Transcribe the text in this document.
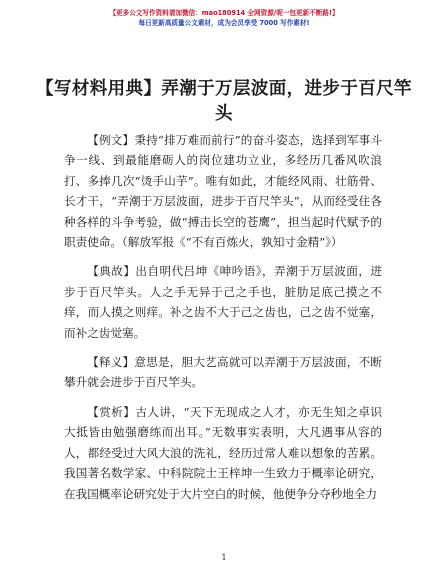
【更多公文写作资料请加微信：mao180914 全网资源/呢一包更新不断路!】
每日更新高质量公文素材，成为会员享受 7000 写作素材!
【写材料用典】弄潮于万层波面，进步于百尺竿头

【例文】秉持“排万难而前行”的奋斗姿态，选择到军事斗争一线、到最能磨砺人的岗位建功立业，多经历几番风吹浪打、多捧几次“烫手山芋”。唯有如此，才能经风雨、壮筋骨、长才干，“弄潮于万层波面，进步于百尺竿头”，从而经受住各种各样的斗争考验，做“搏击长空的苍鹰”，担当起时代赋予的职责使命。（解放军报《“不有百炼火，孰知寸金精”》）

【典故】出自明代吕坤《呻吟语》，弄潮于万层波面，进步于百尺竿头。人之手无异于己之手也，脏肋足底己摸之不痒，而人摸之则痒。补之齿不大于己之齿也，己之齿不觉塞，而补之齿觉塞。

【释义】意思是，胆大艺高就可以弄潮于万层波面，不断攀升就会进步于百尺竿头。

【赏析】古人讲，“天下无现成之人才，亦无生知之卓识大抵皆由勉强磨练而出耳。”无数事实表明，大凡遇事从容的人，都经受过大风大浪的洗礼，经历过常人难以想象的苦累。我国著名数学家、中科院院士王梓坤一生致力于概率论研究，在我国概率论研究处于大片空白的时候，他便争分夺秒地全力

1
